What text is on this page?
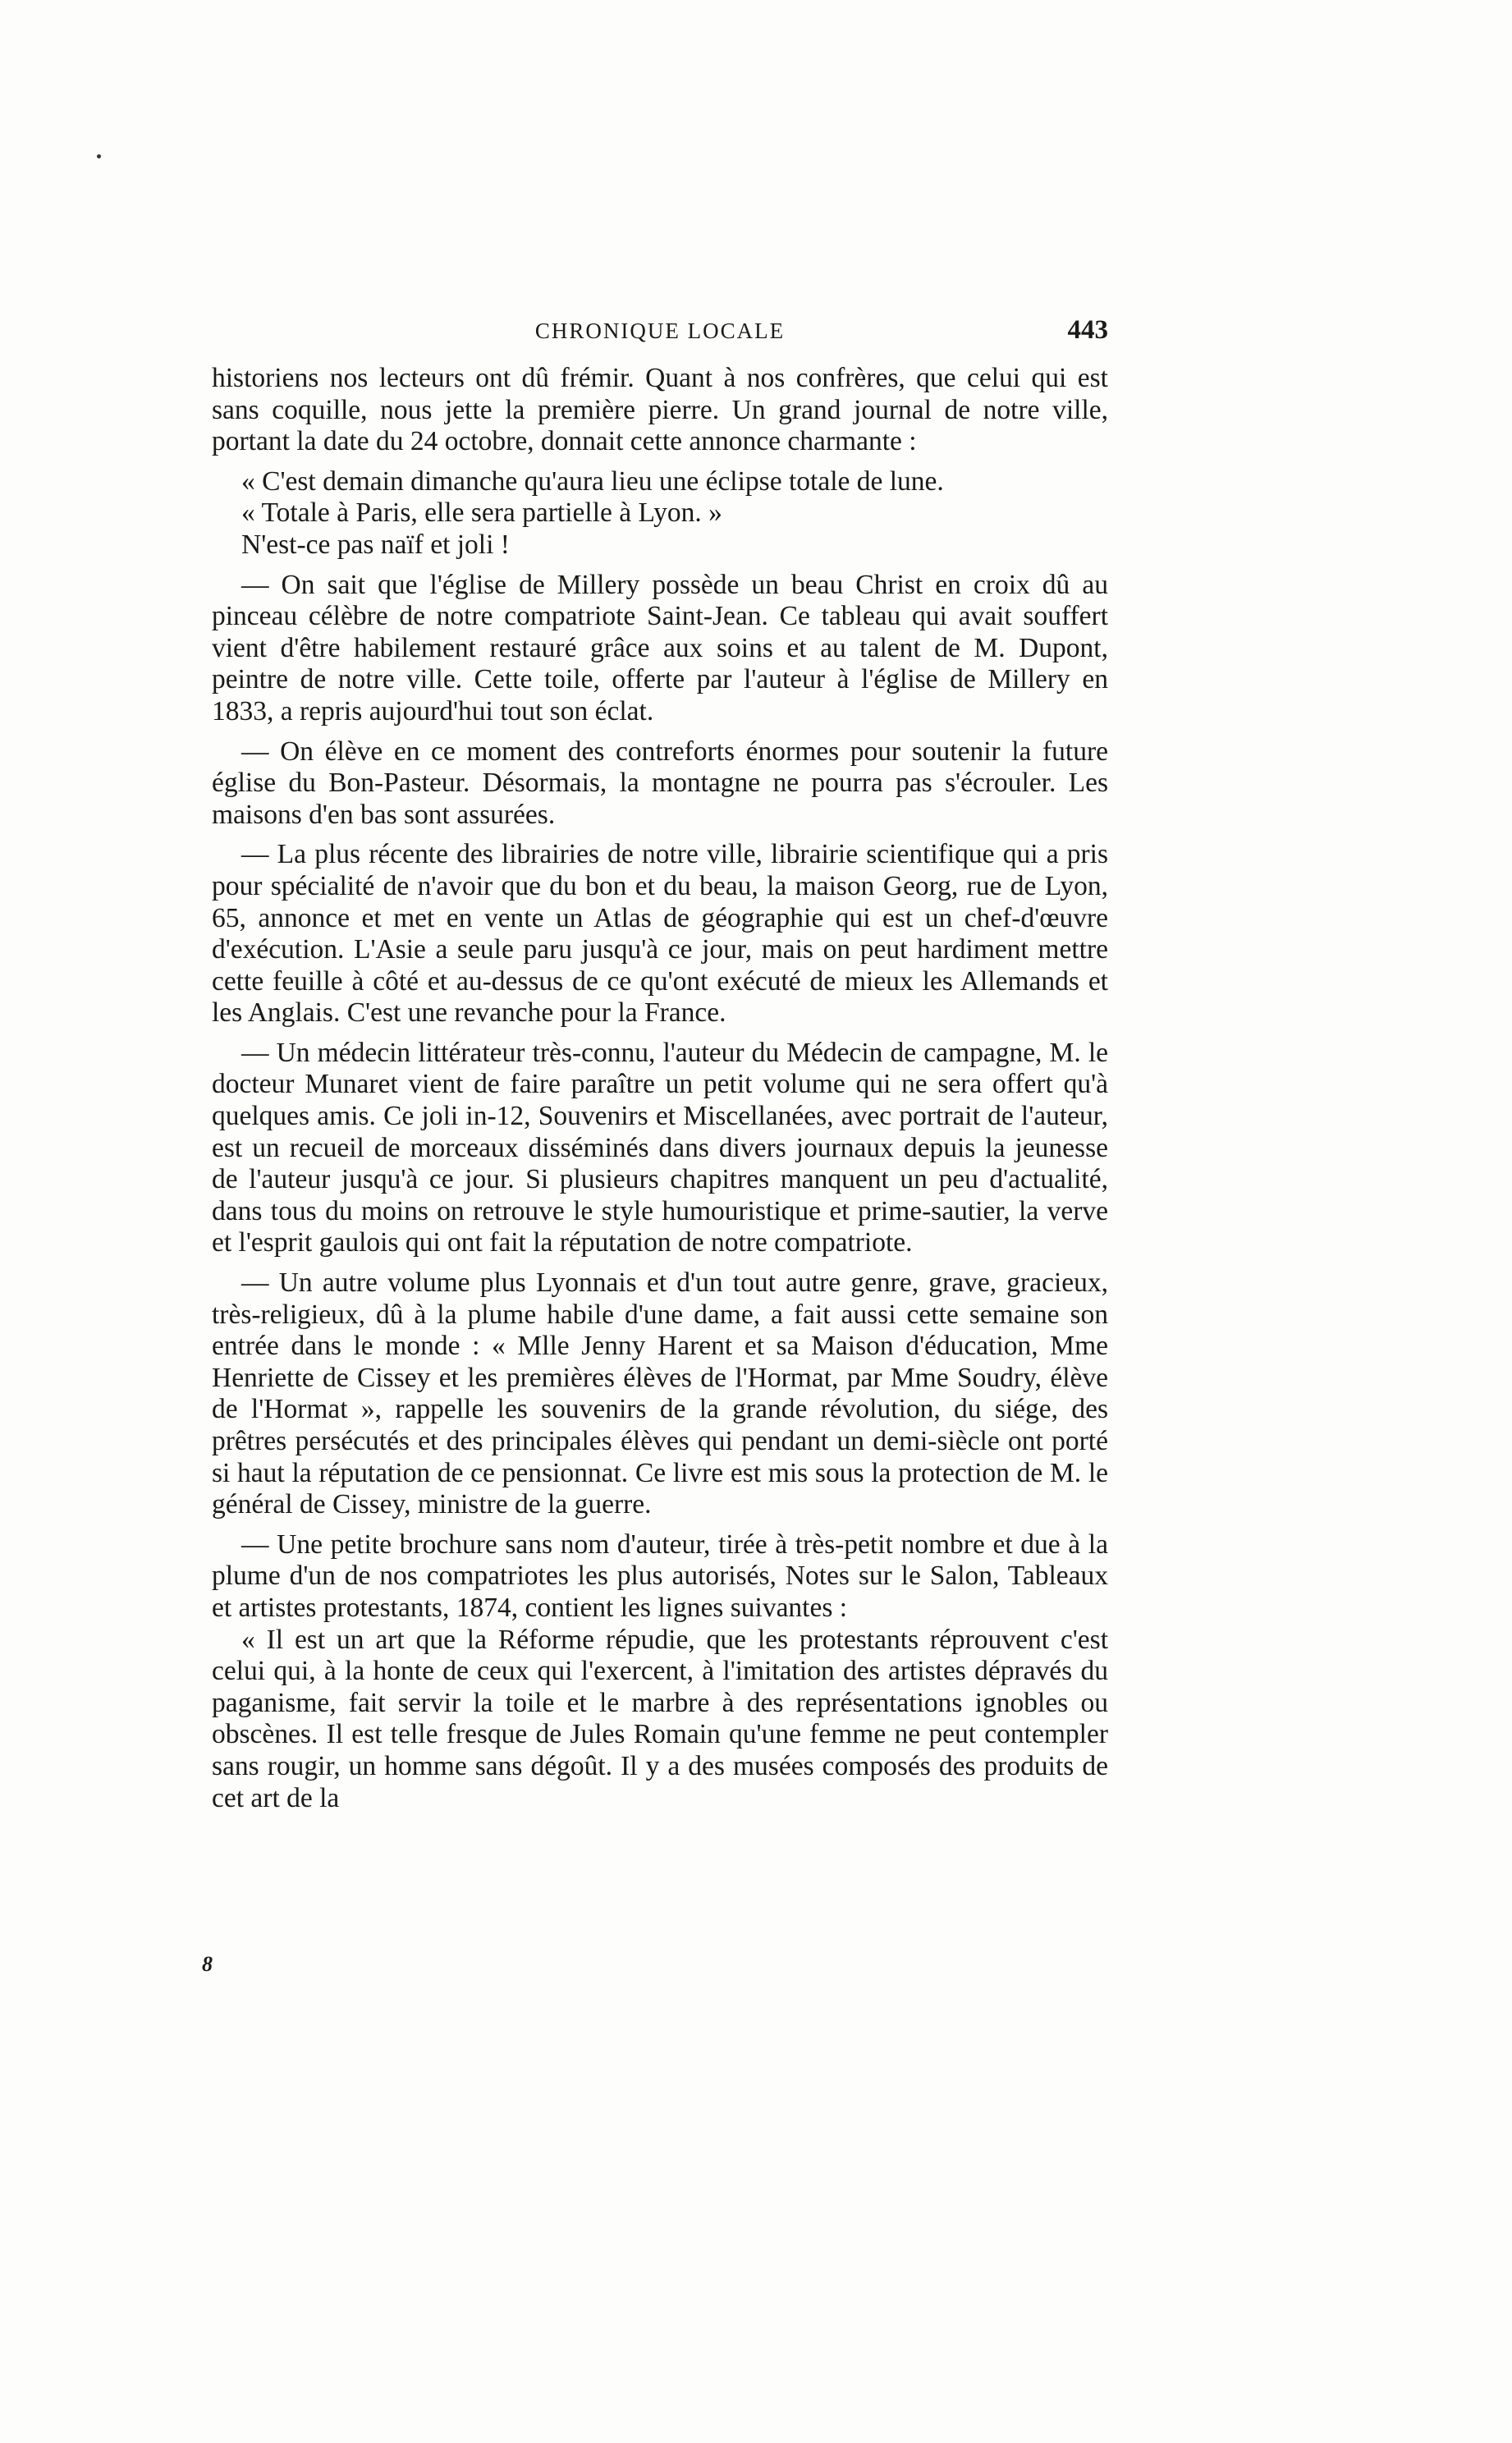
CHRONIQUE LOCALE	443

historiens nos lecteurs ont dû frémir. Quant à nos confrères, que celui qui est sans coquille, nous jette la première pierre. Un grand journal de notre ville, portant la date du 24 octobre, donnait cette annonce charmante :

« C'est demain dimanche qu'aura lieu une éclipse totale de lune.

« Totale à Paris, elle sera partielle à Lyon. »

N'est-ce pas naïf et joli !

— On sait que l'église de Millery possède un beau Christ en croix dû au pinceau célèbre de notre compatriote Saint-Jean. Ce tableau qui avait souffert vient d'être habilement restauré grâce aux soins et au talent de M. Dupont, peintre de notre ville. Cette toile, offerte par l'auteur à l'église de Millery en 1833, a repris aujourd'hui tout son éclat.

— On élève en ce moment des contreforts énormes pour soutenir la future église du Bon-Pasteur. Désormais, la montagne ne pourra pas s'écrouler. Les maisons d'en bas sont assurées.

— La plus récente des librairies de notre ville, librairie scientifique qui a pris pour spécialité de n'avoir que du bon et du beau, la maison Georg, rue de Lyon, 65, annonce et met en vente un Atlas de géographie qui est un chef-d'œuvre d'exécution. L'Asie a seule paru jusqu'à ce jour, mais on peut hardiment mettre cette feuille à côté et au-dessus de ce qu'ont exécuté de mieux les Allemands et les Anglais. C'est une revanche pour la France.

— Un médecin littérateur très-connu, l'auteur du Médecin de campagne, M. le docteur Munaret vient de faire paraître un petit volume qui ne sera offert qu'à quelques amis. Ce joli in-12, Souvenirs et Miscellanées, avec portrait de l'auteur, est un recueil de morceaux disséminés dans divers journaux depuis la jeunesse de l'auteur jusqu'à ce jour. Si plusieurs chapitres manquent un peu d'actualité, dans tous du moins on retrouve le style humouristique et prime-sautier, la verve et l'esprit gaulois qui ont fait la réputation de notre compatriote.

— Un autre volume plus Lyonnais et d'un tout autre genre, grave, gracieux, très-religieux, dû à la plume habile d'une dame, a fait aussi cette semaine son entrée dans le monde : « Mlle Jenny Harent et sa Maison d'éducation, Mme Henriette de Cissey et les premières élèves de l'Hormat, par Mme Soudry, élève de l'Hormat », rappelle les souvenirs de la grande révolution, du siége, des prêtres persécutés et des principales élèves qui pendant un demi-siècle ont porté si haut la réputation de ce pensionnat. Ce livre est mis sous la protection de M. le général de Cissey, ministre de la guerre.

— Une petite brochure sans nom d'auteur, tirée à très-petit nombre et due à la plume d'un de nos compatriotes les plus autorisés, Notes sur le Salon, Tableaux et artistes protestants, 1874, contient les lignes suivantes :

« Il est un art que la Réforme répudie, que les protestants réprouvent c'est celui qui, à la honte de ceux qui l'exercent, à l'imitation des artistes dépravés du paganisme, fait servir la toile et le marbre à des représentations ignobles ou obscènes. Il est telle fresque de Jules Romain qu'une femme ne peut contempler sans rougir, un homme sans dégoût. Il y a des musées composés des produits de cet art de la

8
